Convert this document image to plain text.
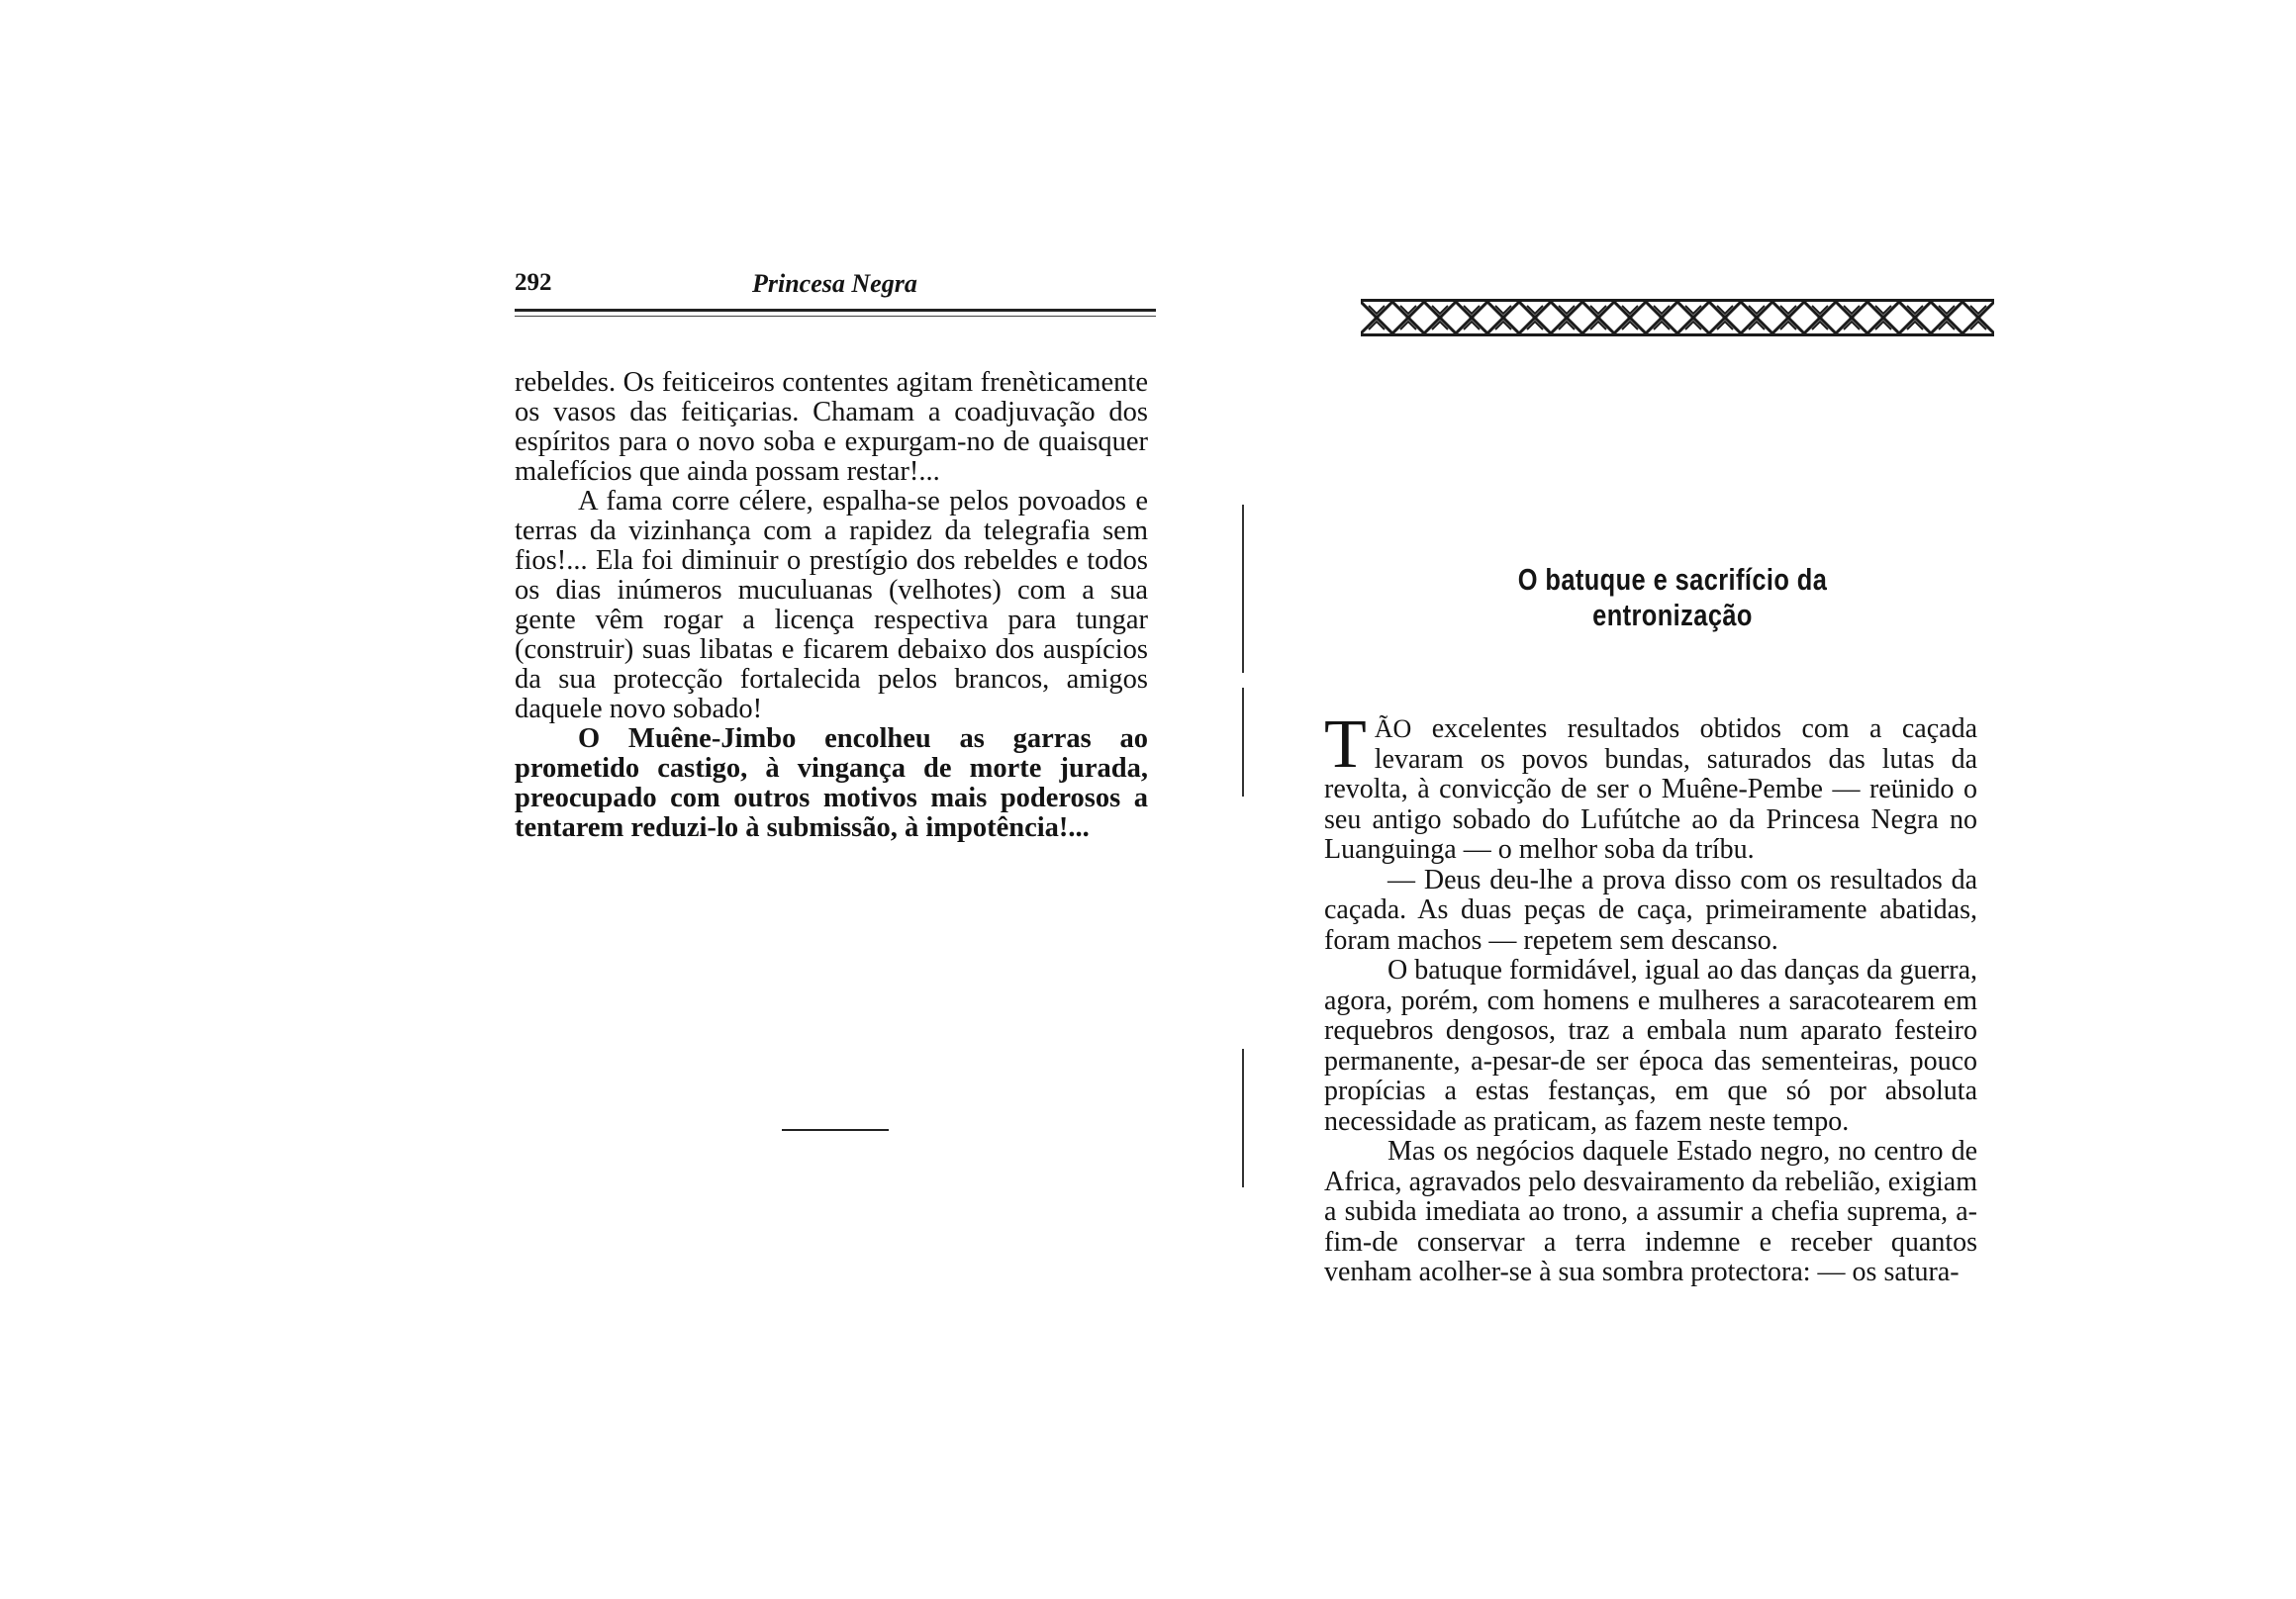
292	Princesa Negra

rebeldes. Os feiticeiros contentes agitam frenèticamente os vasos das feitiçarias. Chamam a coadjuvação dos espíritos para o novo soba e expurgam-no de quaisquer malefícios que ainda possam restar!...

A fama corre célere, espalha-se pelos povoados e terras da vizinhança com a rapidez da telegrafia sem fios!... Ela foi diminuir o prestígio dos rebeldes e todos os dias inúmeros muculuanas (velhotes) com a sua gente vêm rogar a licença respectiva para tungar (construir) suas libatas e ficarem debaixo dos auspícios da sua protecção fortalecida pelos brancos, amigos daquele novo sobado!

O Muêne-Jimbo encolheu as garras ao prometido castigo, à vingança de morte jurada, preocupado com outros motivos mais poderosos a tentarem reduzi-lo à submissão, à impotência!...

O batuque e sacrifício da entronização

TÃO excelentes resultados obtidos com a caçada levaram os povos bundas, saturados das lutas da revolta, à convicção de ser o Muêne-Pembe — reünido o seu antigo sobado do Lufútche ao da Princesa Negra no Luanguinga — o melhor soba da tríbu.

— Deus deu-lhe a prova disso com os resultados da caçada. As duas peças de caça, primeiramente abatidas, foram machos — repetem sem descanso.

O batuque formidável, igual ao das danças da guerra, agora, porém, com homens e mulheres a saracotearem em requebros dengosos, traz a embala num aparato festeiro permanente, a-pesar-de ser época das sementeiras, pouco propícias a estas festanças, em que só por absoluta necessidade as praticam, as fazem neste tempo.

Mas os negócios daquele Estado negro, no centro de Africa, agravados pelo desvairamento da rebelião, exigiam a subida imediata ao trono, a assumir a chefia suprema, a-fim-de conservar a terra indemne e receber quantos venham acolher-se à sua sombra protectora: — os satura-
